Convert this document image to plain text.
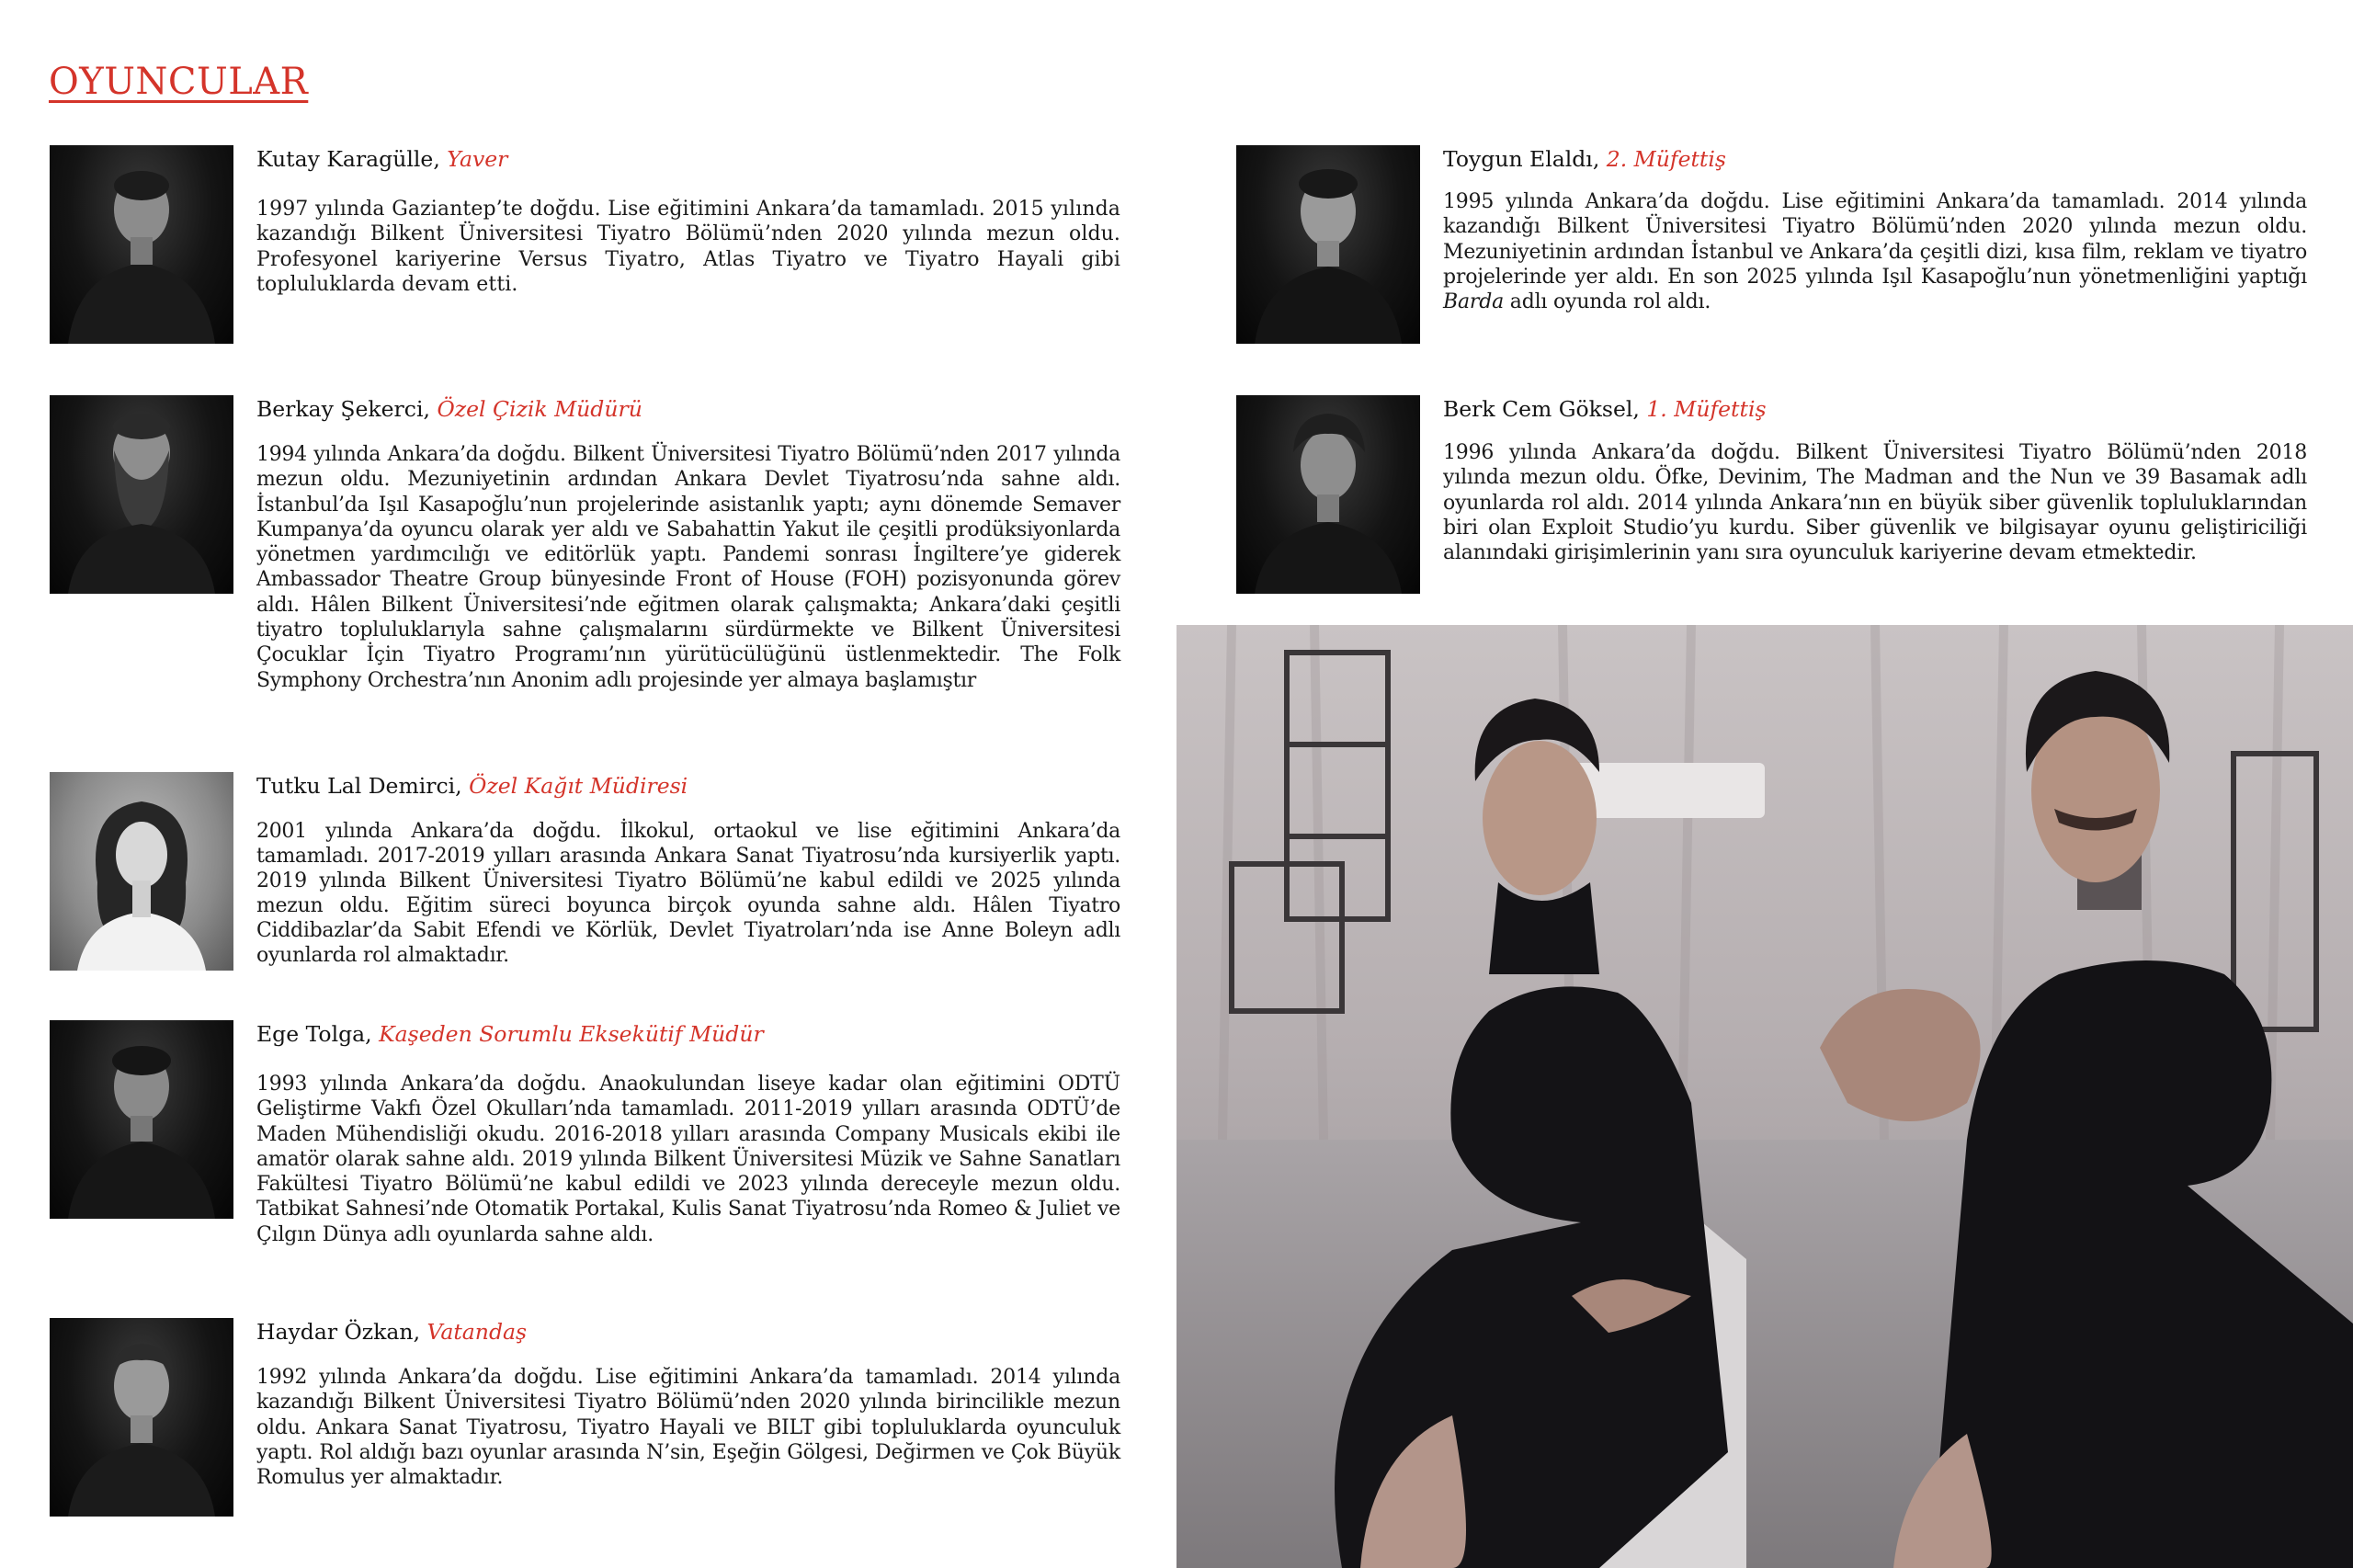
OYUNCULAR

Kutay Karagülle, Yaver

1997 yılında Gaziantep’te doğdu. Lise eğitimini Ankara’da tamamladı. 2015 yılında kazandığı Bilkent Üniversitesi Tiyatro Bölümü’nden 2020 yılında mezun oldu. Profesyonel kariyerine Versus Tiyatro, Atlas Tiyatro ve Tiyatro Hayali gibi topluluklarda devam etti.

Berkay Şekerci, Özel Çizik Müdürü

1994 yılında Ankara’da doğdu. Bilkent Üniversitesi Tiyatro Bölümü’nden 2017 yılında mezun oldu. Mezuniyetinin ardından Ankara Devlet Tiyatrosu’nda sahne aldı. İstanbul’da Işıl Kasapoğlu’nun projelerinde asistanlık yaptı; aynı dönemde Semaver Kumpanya’da oyuncu olarak yer aldı ve Sabahattin Yakut ile çeşitli prodüksiyonlarda yönetmen yardımcılığı ve editörlük yaptı. Pandemi sonrası İngiltere’ye giderek Ambassador Theatre Group bünyesinde Front of House (FOH) pozisyonunda görev aldı. Hâlen Bilkent Üniversitesi’nde eğitmen olarak çalışmakta; Ankara’daki çeşitli tiyatro topluluklarıyla sahne çalışmalarını sürdürmekte ve Bilkent Üniversitesi Çocuklar İçin Tiyatro Programı’nın yürütücülüğünü üstlenmektedir. The Folk Symphony Orchestra’nın Anonim adlı projesinde yer almaya başlamıştır

Tutku Lal Demirci, Özel Kağıt Müdiresi

2001 yılında Ankara’da doğdu. İlkokul, ortaokul ve lise eğitimini Ankara’da tamamladı. 2017-2019 yılları arasında Ankara Sanat Tiyatrosu’nda kursiyerlik yaptı. 2019 yılında Bilkent Üniversitesi Tiyatro Bölümü’ne kabul edildi ve 2025 yılında mezun oldu. Eğitim süreci boyunca birçok oyunda sahne aldı. Hâlen Tiyatro Ciddibazlar’da Sabit Efendi ve Körlük, Devlet Tiyatroları’nda ise Anne Boleyn adlı oyunlarda rol almaktadır.

Ege Tolga, Kaşeden Sorumlu Eksekütif Müdür

1993 yılında Ankara’da doğdu. Anaokulundan liseye kadar olan eğitimini ODTÜ Geliştirme Vakfı Özel Okulları’nda tamamladı. 2011-2019 yılları arasında ODTÜ’de Maden Mühendisliği okudu. 2016-2018 yılları arasında Company Musicals ekibi ile amatör olarak sahne aldı. 2019 yılında Bilkent Üniversitesi Müzik ve Sahne Sanatları Fakültesi Tiyatro Bölümü’ne kabul edildi ve 2023 yılında dereceyle mezun oldu. Tatbikat Sahnesi’nde Otomatik Portakal, Kulis Sanat Tiyatrosu’nda Romeo & Juliet ve Çılgın Dünya adlı oyunlarda sahne aldı.

Haydar Özkan, Vatandaş

1992 yılında Ankara’da doğdu. Lise eğitimini Ankara’da tamamladı. 2014 yılında kazandığı Bilkent Üniversitesi Tiyatro Bölümü’nden 2020 yılında birincilikle mezun oldu. Ankara Sanat Tiyatrosu, Tiyatro Hayali ve BILT gibi topluluklarda oyunculuk yaptı. Rol aldığı bazı oyunlar arasında N’sin, Eşeğin Gölgesi, Değirmen ve Çok Büyük Romulus yer almaktadır.

Toygun Elaldı, 2. Müfettiş

1995 yılında Ankara’da doğdu. Lise eğitimini Ankara’da tamamladı. 2014 yılında kazandığı Bilkent Üniversitesi Tiyatro Bölümü’nden 2020 yılında mezun oldu. Mezuniyetinin ardından İstanbul ve Ankara’da çeşitli dizi, kısa film, reklam ve tiyatro projelerinde yer aldı. En son 2025 yılında Işıl Kasapoğlu’nun yönetmenliğini yaptığı Barda adlı oyunda rol aldı.

Berk Cem Göksel, 1. Müfettiş

1996 yılında Ankara’da doğdu. Bilkent Üniversitesi Tiyatro Bölümü’nden 2018 yılında mezun oldu. Öfke, Devinim, The Madman and the Nun ve 39 Basamak adlı oyunlarda rol aldı. 2014 yılında Ankara’nın en büyük siber güvenlik topluluklarından biri olan Exploit Studio’yu kurdu. Siber güvenlik ve bilgisayar oyunu geliştiriciliği alanındaki girişimlerinin yanı sıra oyunculuk kariyerine devam etmektedir.
